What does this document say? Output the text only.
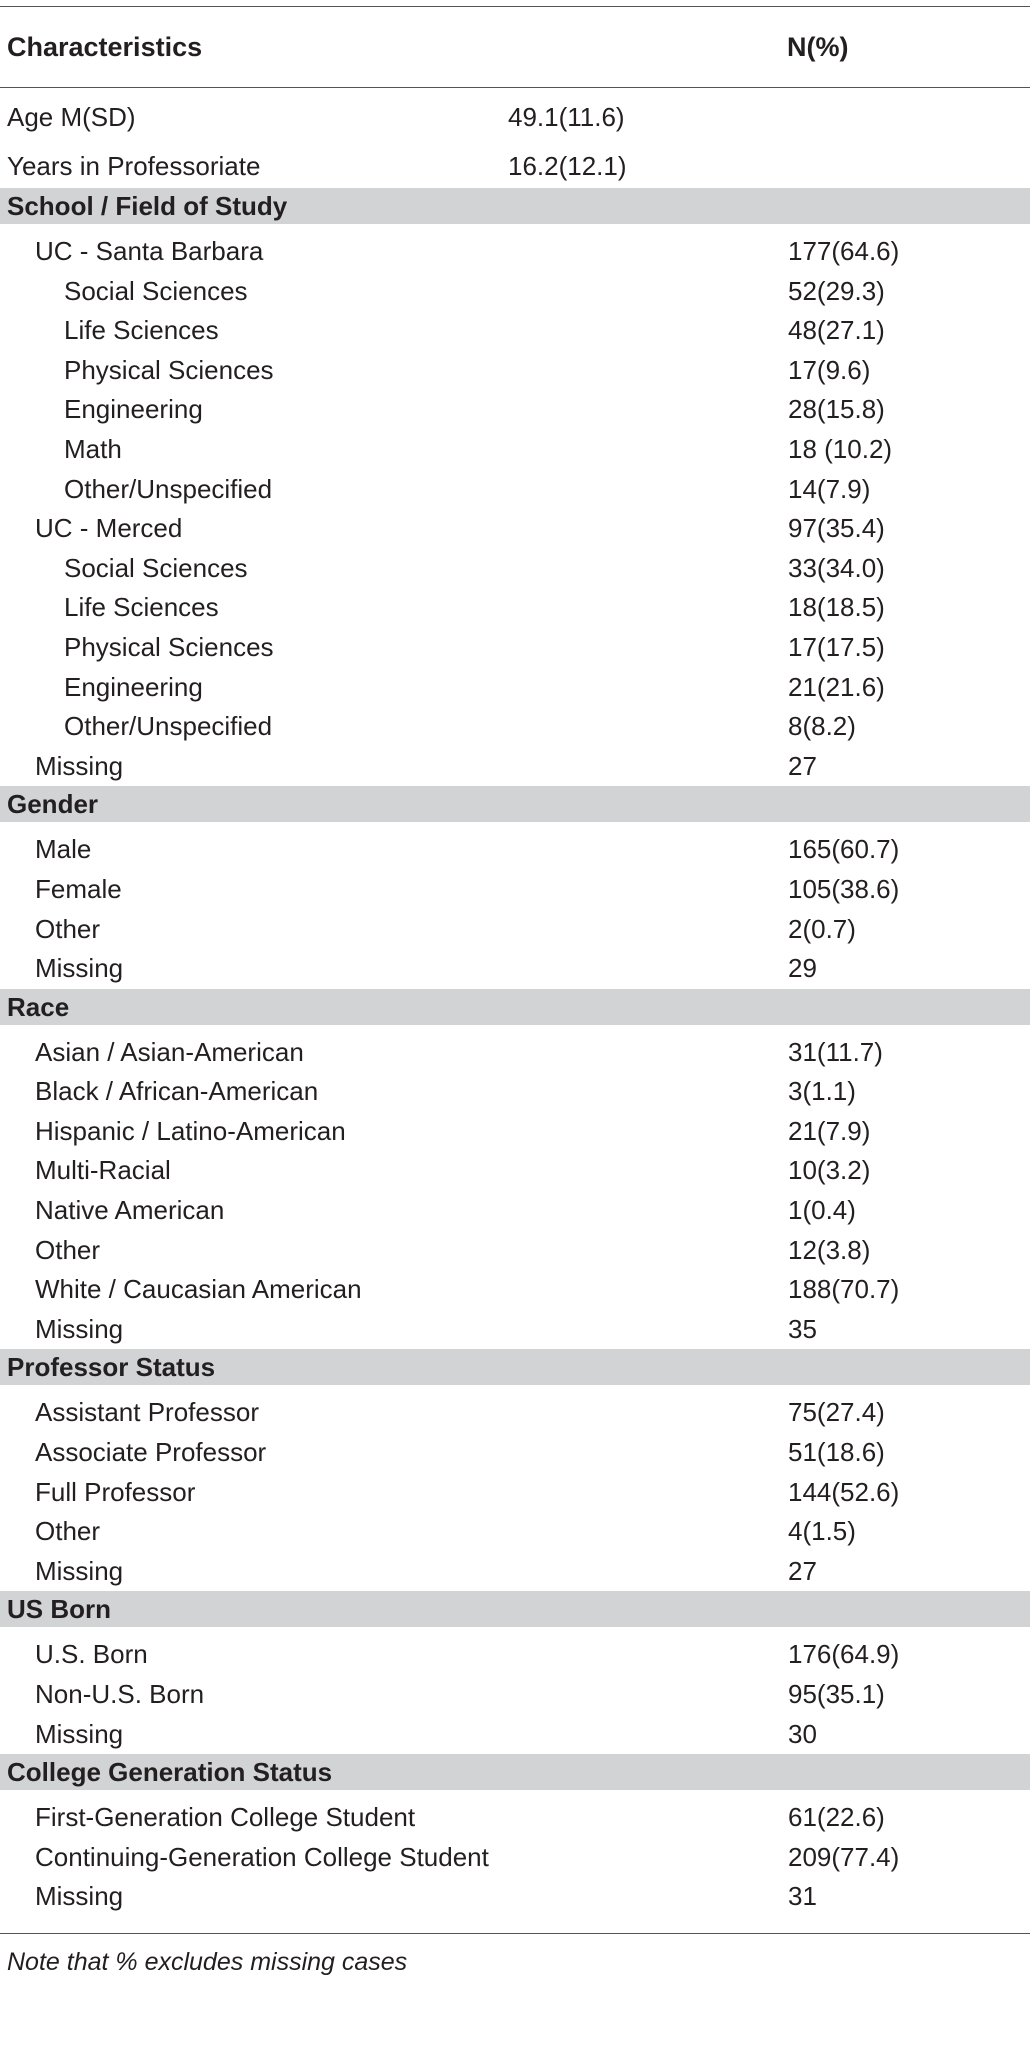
Characteristics	N(%)
Age M(SD)	49.1(11.6)
Years in Professoriate	16.2(12.1)
School / Field of Study
UC - Santa Barbara	177(64.6)
Social Sciences	52(29.3)
Life Sciences	48(27.1)
Physical Sciences	17(9.6)
Engineering	28(15.8)
Math	18 (10.2)
Other/Unspecified	14(7.9)
UC - Merced	97(35.4)
Social Sciences	33(34.0)
Life Sciences	18(18.5)
Physical Sciences	17(17.5)
Engineering	21(21.6)
Other/Unspecified	8(8.2)
Missing	27
Gender
Male	165(60.7)
Female	105(38.6)
Other	2(0.7)
Missing	29
Race
Asian / Asian-American	31(11.7)
Black / African-American	3(1.1)
Hispanic / Latino-American	21(7.9)
Multi-Racial	10(3.2)
Native American	1(0.4)
Other	12(3.8)
White / Caucasian American	188(70.7)
Missing	35
Professor Status
Assistant Professor	75(27.4)
Associate Professor	51(18.6)
Full Professor	144(52.6)
Other	4(1.5)
Missing	27
US Born
U.S. Born	176(64.9)
Non-U.S. Born	95(35.1)
Missing	30
College Generation Status
First-Generation College Student	61(22.6)
Continuing-Generation College Student	209(77.4)
Missing	31
Note that % excludes missing cases
